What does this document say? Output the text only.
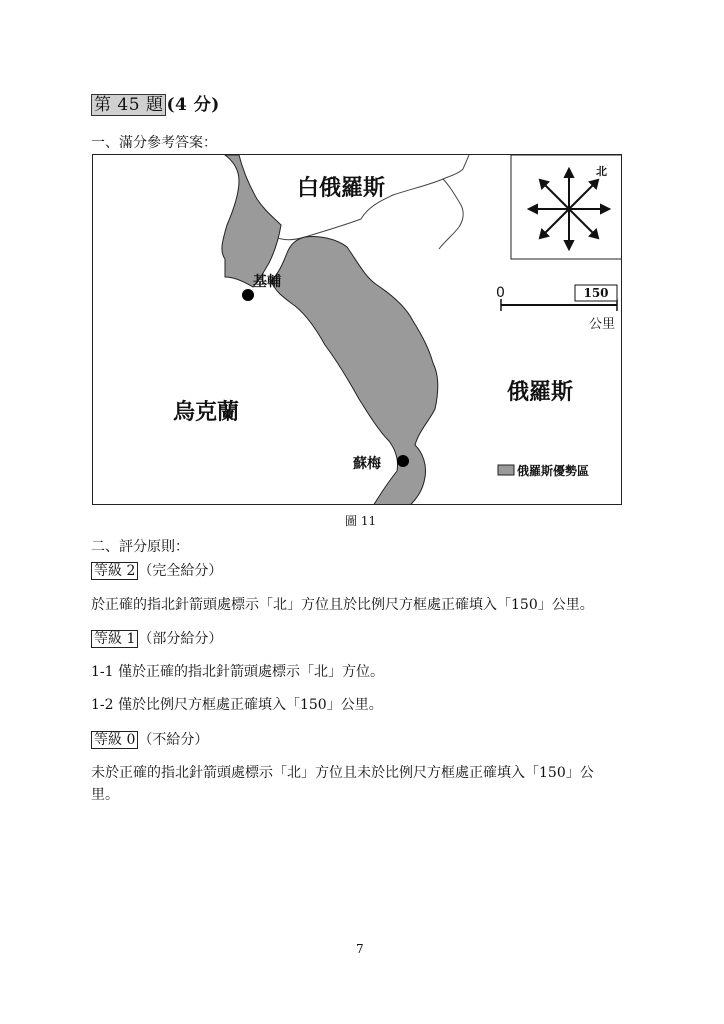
第 45 題 (4 分)
一、滿分參考答案：
白俄羅斯
烏克蘭
俄羅斯
基輔
蘇梅
北
0	150
公里
俄羅斯優勢區
圖 11
二、評分原則：
等級 2 （完全給分）
於正確的指北針箭頭處標示「北」方位且於比例尺方框處正確填入「150」公里。
等級 1 （部分給分）
1-1 僅於正確的指北針箭頭處標示「北」方位。
1-2 僅於比例尺方框處正確填入「150」公里。
等級 0 （不給分）
未於正確的指北針箭頭處標示「北」方位且未於比例尺方框處正確填入「150」公
里。
7
